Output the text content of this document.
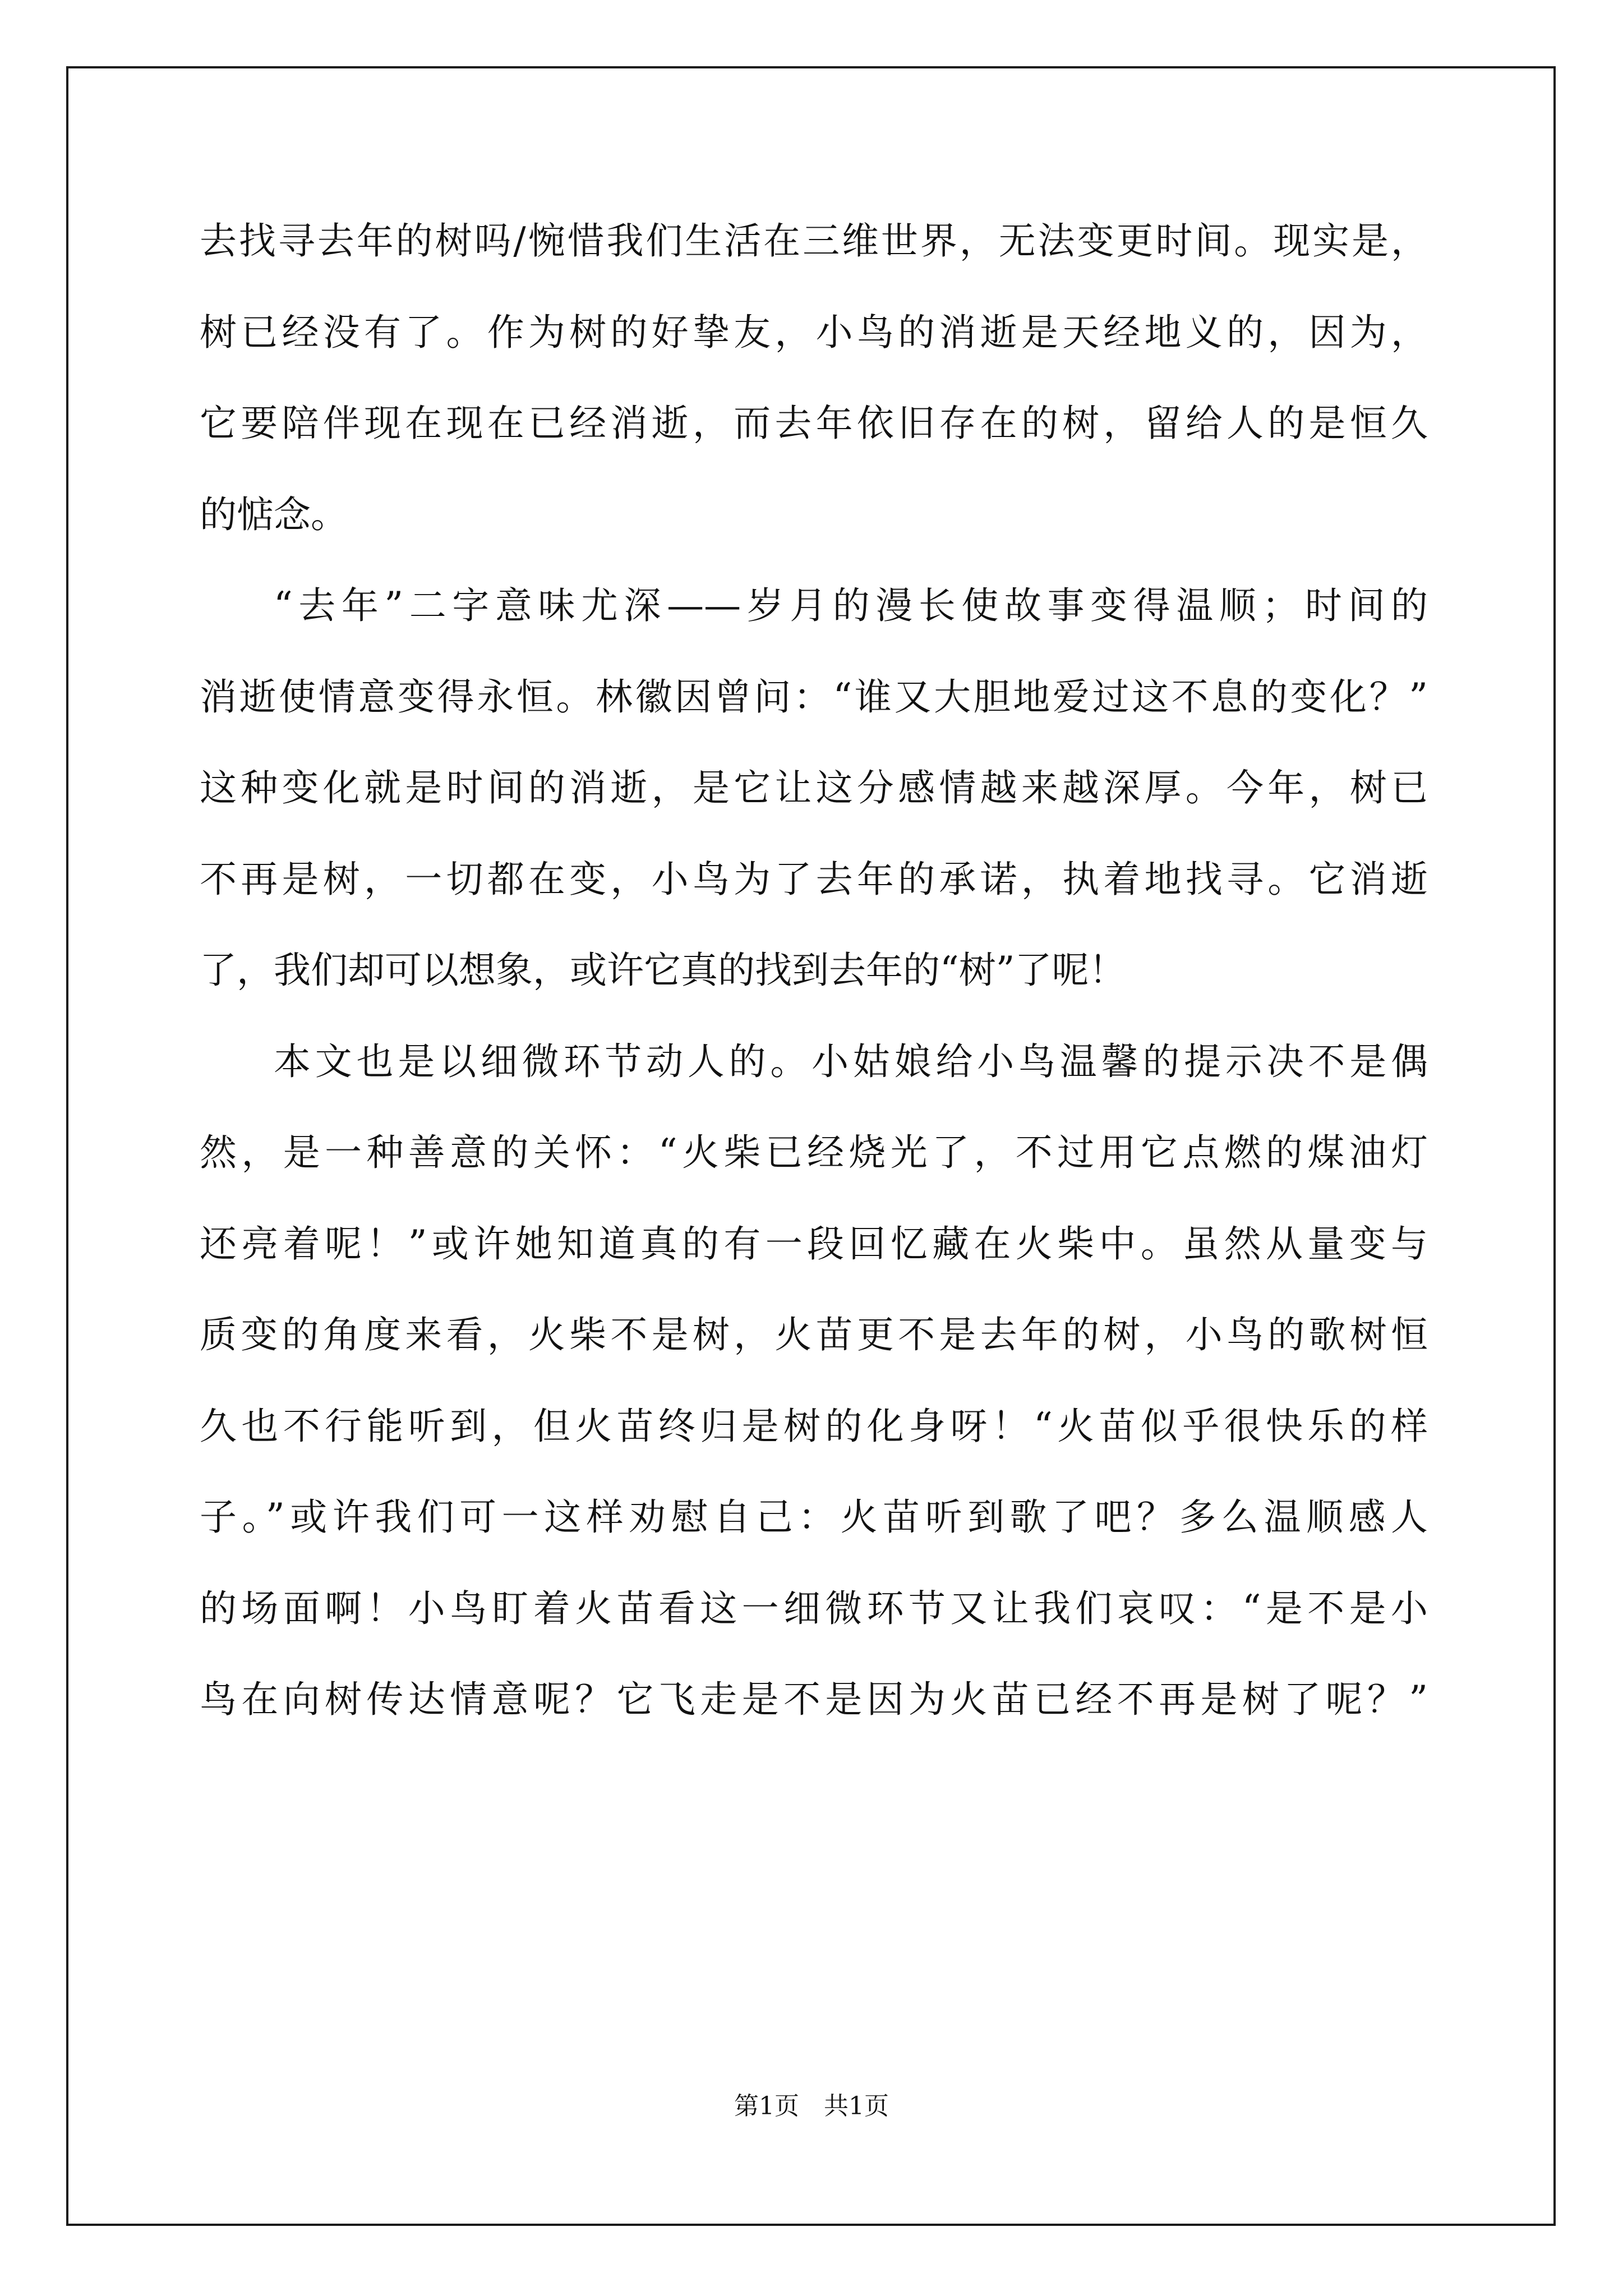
去找寻去年的树吗/惋惜我们生活在三维世界，无法变更时间。现实是，
树已经没有了。作为树的好挚友，小鸟的消逝是天经地义的，因为，
它要陪伴现在现在已经消逝，而去年依旧存在的树，留给人的是恒久
的惦念。
“去年”二字意味尤深——岁月的漫长使故事变得温顺；时间的
消逝使情意变得永恒。林徽因曾问：“谁又大胆地爱过这不息的变化？”
这种变化就是时间的消逝，是它让这分感情越来越深厚。今年，树已
不再是树，一切都在变，小鸟为了去年的承诺，执着地找寻。它消逝
了，我们却可以想象，或许它真的找到去年的“树”了呢！
本文也是以细微环节动人的。小姑娘给小鸟温馨的提示决不是偶
然，是一种善意的关怀：“火柴已经烧光了，不过用它点燃的煤油灯
还亮着呢！”或许她知道真的有一段回忆藏在火柴中。虽然从量变与
质变的角度来看，火柴不是树，火苗更不是去年的树，小鸟的歌树恒
久也不行能听到，但火苗终归是树的化身呀！“火苗似乎很快乐的样
子。”或许我们可一这样劝慰自己：火苗听到歌了吧？多么温顺感人
的场面啊！小鸟盯着火苗看这一细微环节又让我们哀叹：“是不是小
鸟在向树传达情意呢？它飞走是不是因为火苗已经不再是树了呢？”
第1页　共1页
